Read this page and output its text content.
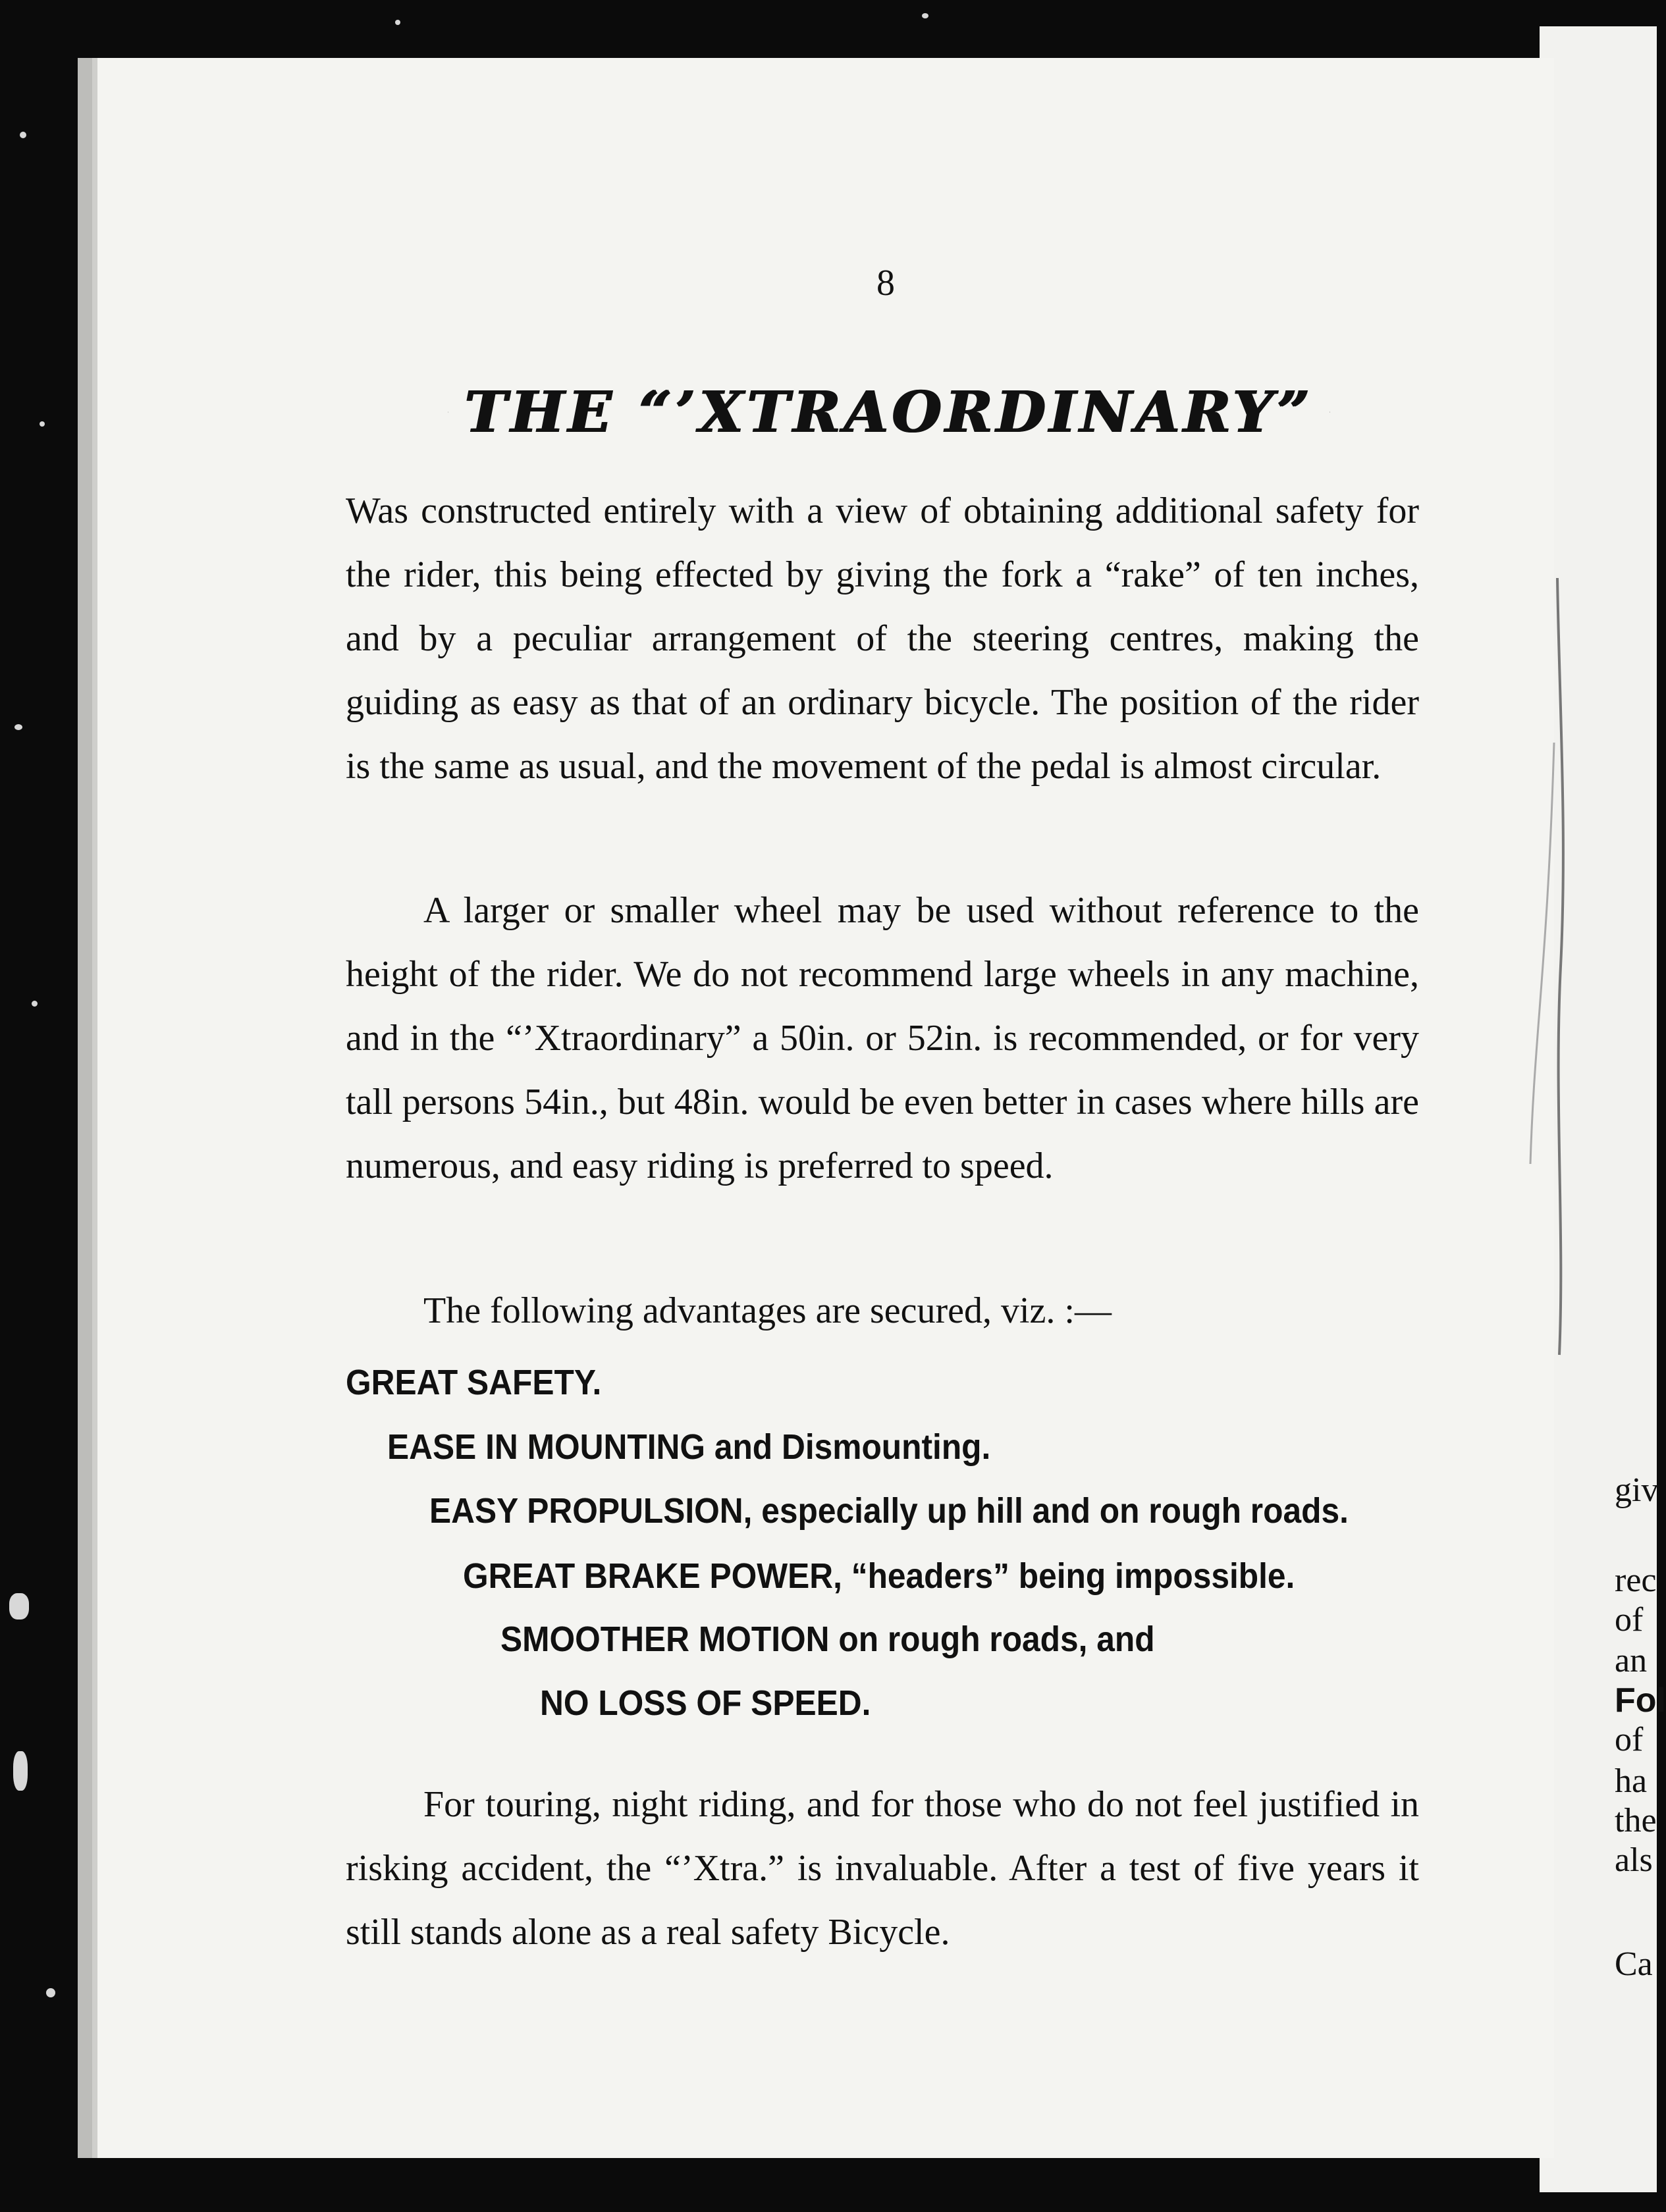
giv
rec
of
an
Fol
of
ha
the
als
Ca
8
THE “’XTRAORDINARY”

Was constructed entirely with a view of obtaining additional safety for the rider, this being effected by giving the fork a “rake” of ten inches, and by a peculiar arrangement of the steering centres, making the guiding as easy as that of an ordinary bicycle. The position of the rider is the same as usual, and the movement of the pedal is almost circular.

A larger or smaller wheel may be used without reference to the height of the rider. We do not recommend large wheels in any machine, and in the “’Xtraordinary” a 50in. or 52in. is recommended, or for very tall persons 54in., but 48in. would be even better in cases where hills are numerous, and easy riding is preferred to speed.

The following advantages are secured, viz. :—

GREAT SAFETY.
EASE IN MOUNTING and Dismounting.
EASY PROPULSION, especially up hill and on rough roads.
GREAT BRAKE POWER, “headers” being impossible.
SMOOTHER MOTION on rough roads, and
NO LOSS OF SPEED.

For touring, night riding, and for those who do not feel justified in risking accident, the “’Xtra.” is invaluable. After a test of five years it still stands alone as a real safety Bicycle.
